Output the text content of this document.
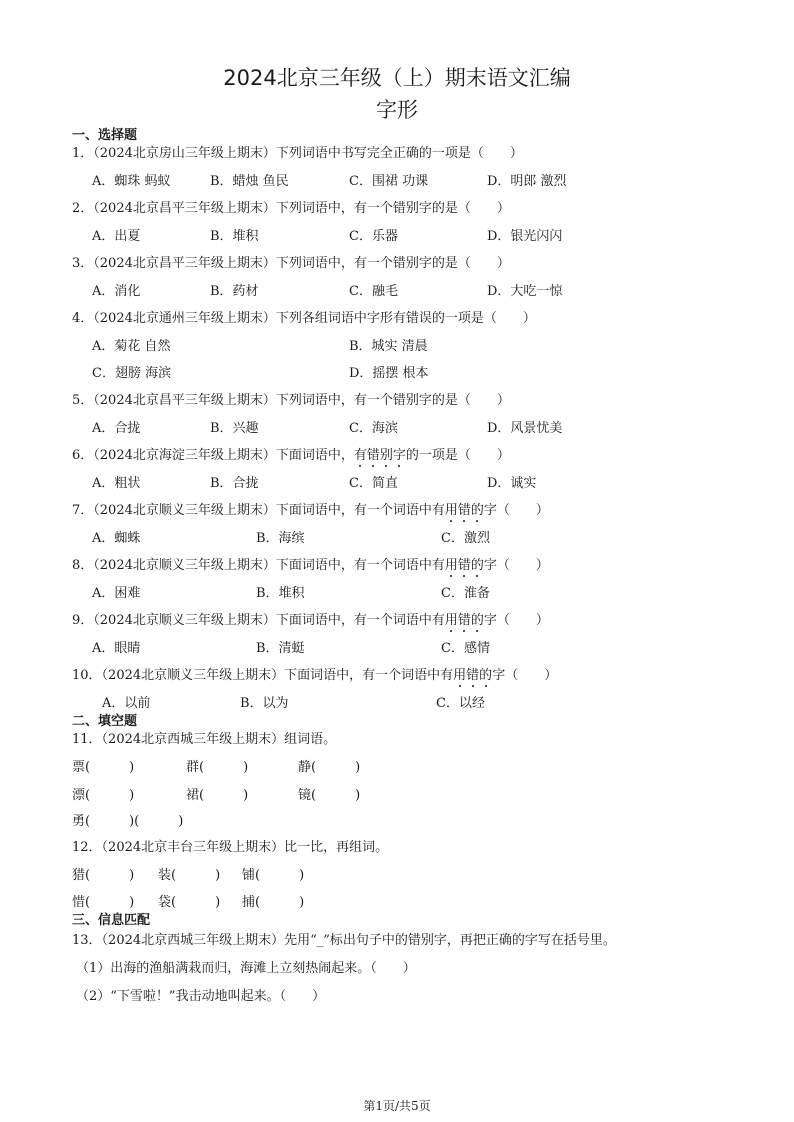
2024北京三年级（上）期末语文汇编
字形
一、选择题
1．（2024北京房山三年级上期末）下列词语中书写完全正确的一项是（　　）
A．蜘珠 蚂蚁	B．蜡烛 鱼民	C．围裙 功课	D．明郎 激烈
2．（2024北京昌平三年级上期末）下列词语中，有一个错别字的是（　　）
A．出夏	B．堆积	C．乐器	D．银光闪闪
3．（2024北京昌平三年级上期末）下列词语中，有一个错别字的是（　　）
A．消化	B．药材	C．融毛	D．大吃一惊
4．（2024北京通州三年级上期末）下列各组词语中字形有错误的一项是（　　）
A．菊花 自然	B．城实 清晨
C．翅膀 海滨	D．摇摆 根本
5．（2024北京昌平三年级上期末）下列词语中，有一个错别字的是（　　）
A．合拢	B．兴趣	C．海滨	D．风景忧美
6．（2024北京海淀三年级上期末）下面词语中，有错别字的一项是（　　）
A．粗状	B．合拢	C．简直	D．诚实
7．（2024北京顺义三年级上期末）下面词语中，有一个词语中有用错的字（　　）
A．蜘蛛	B．海缤	C．激烈
8．（2024北京顺义三年级上期末）下面词语中，有一个词语中有用错的字（　　）
A．困难	B．堆积	C．淮备
9．（2024北京顺义三年级上期末）下面词语中，有一个词语中有用错的字（　　）
A．眼睛	B．清蜓	C．感情
10．（2024北京顺义三年级上期末）下面词语中，有一个词语中有用错的字（　　）
A．以前	B．以为	C．以经
二、填空题
11．（2024北京西城三年级上期末）组词语。
票(　　　)	群(　　　)	静(　　　)
漂(　　　)	裙(　　　)	镜(　　　)
勇(　　　)(　　　)
12．（2024北京丰台三年级上期末）比一比，再组词。
猎(　　　) 装(　　　) 铺(　　　)
惜(　　　) 袋(　　　) 捕(　　　)
三、信息匹配
13．（2024北京西城三年级上期末）先用“_”标出句子中的错别字，再把正确的字写在括号里。
（1）出海的渔船满栽而归，海滩上立刻热闹起来。（　　）
（2）“下雪啦！”我击动地叫起来。（　　）
第1页/共5页
